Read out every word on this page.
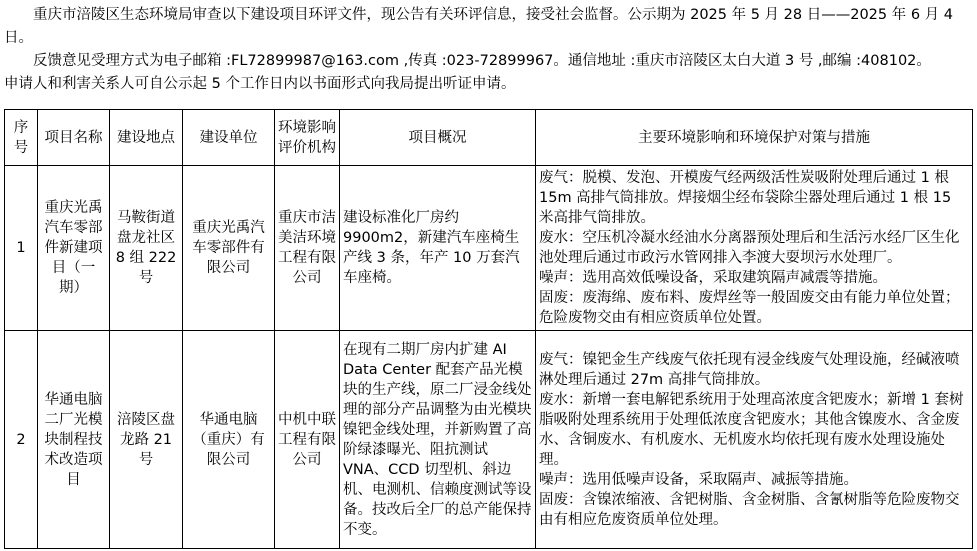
重庆市涪陵区生态环境局审查以下建设项目环评文件，现公告有关环评信息，接受社会监督。公示期为 2025 年 5 月 28 日——2025 年 6 月 4 日。

反馈意见受理方式为电子邮箱 :FL72899987@163.com ,传真 :023-72899967。通信地址 :重庆市涪陵区太白大道 3 号 ,邮编 :408102。

申请人和利害关系人可自公示起 5 个工作日内以书面形式向我局提出听证申请。

序号	项目名称	建设地点	建设单位	环境影响评价机构	项目概况	主要环境影响和环境保护对策与措施
1	重庆光禹汽车零部件新建项目（一期）	马鞍街道盘龙社区 8 组 222 号	重庆光禹汽车零部件有限公司	重庆市洁美洁环境工程有限公司	建设标准化厂房约 9900m2，新建汽车座椅生产线 3 条，年产 10 万套汽车座椅。	废气：脱模、发泡、开模废气经两级活性炭吸附处理后通过 1 根 15m 高排气筒排放。焊接烟尘经布袋除尘器处理后通过 1 根 15 米高排气筒排放。
废水：空压机冷凝水经油水分离器预处理后和生活污水经厂区生化池处理后通过市政污水管网排入李渡大耍坝污水处理厂。
噪声：选用高效低噪设备，采取建筑隔声减震等措施。
固废：废海绵、废布料、废焊丝等一般固废交由有能力单位处置；危险废物交由有相应资质单位处置。

2	华通电脑二厂光模块制程技术改造项目	涪陵区盘龙路 21 号	华通电脑（重庆）有限公司	中机中联工程有限公司	在现有二期厂房内扩建 AI Data Center 配套产品光模块的生产线，原二厂浸金线处理的部分产品调整为由光模块镍钯金线处理，并新购置了高阶绿漆曝光、阻抗测试 VNA、CCD 切型机、斜边机、电测机、信赖度测试等设备。技改后全厂的总产能保持不变。	废气：镍钯金生产线废气依托现有浸金线废气处理设施，经碱液喷淋处理后通过 27m 高排气筒排放。
废水：新增一套电解钯系统用于处理高浓度含钯废水；新增 1 套树脂吸附处理系统用于处理低浓度含钯废水；其他含镍废水、含金废水、含铜废水、有机废水、无机废水均依托现有废水处理设施处理。
噪声：选用低噪声设备，采取隔声、减振等措施。
固废：含镍浓缩液、含钯树脂、含金树脂、含氰树脂等危险废物交由有相应危废资质单位处理。
